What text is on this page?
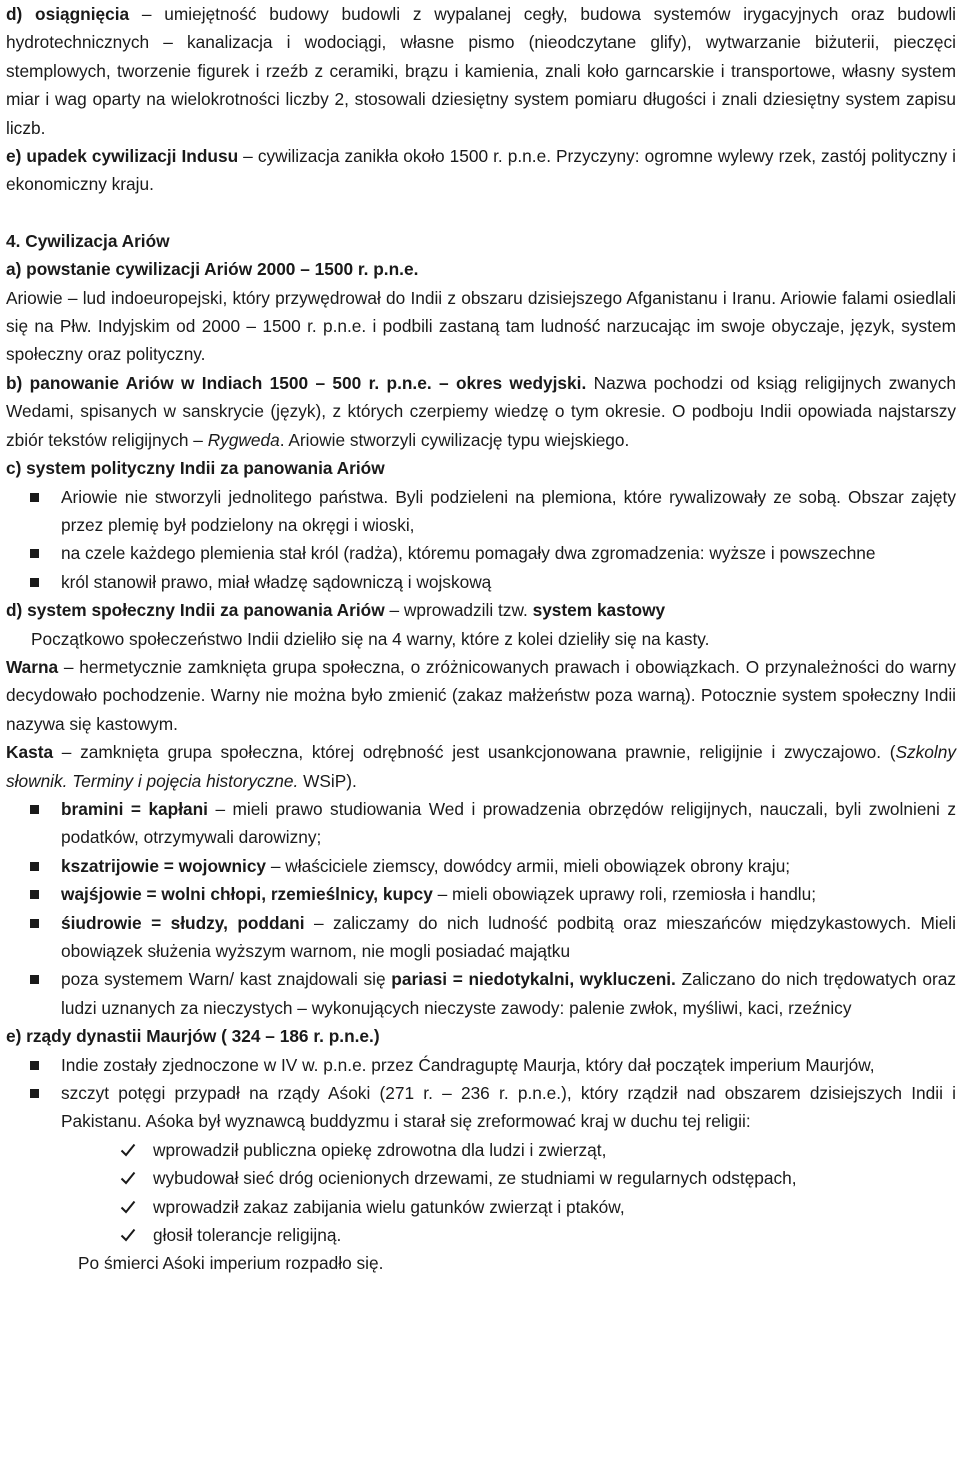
d) osiągnięcia – umiejętność budowy budowli z wypalanej cegły, budowa systemów irygacyjnych oraz budowli hydrotechnicznych – kanalizacja i wodociągi, własne pismo (nieodczytane glify), wytwarzanie biżuterii, pieczęci stemplowych, tworzenie figurek i rzeźb z ceramiki, brązu i kamienia, znali koło garncarskie i transportowe, własny system miar i wag oparty na wielokrotności liczby 2, stosowali dziesiętny system pomiaru długości i znali dziesiętny system zapisu liczb.

e) upadek cywilizacji Indusu – cywilizacja zanikła około 1500 r. p.n.e. Przyczyny: ogromne wylewy rzek, zastój polityczny i ekonomiczny kraju.

4. Cywilizacja Ariów

a) powstanie cywilizacji Ariów 2000 – 1500 r. p.n.e.

Ariowie – lud indoeuropejski, który przywędrował do Indii z obszaru dzisiejszego Afganistanu i Iranu. Ariowie falami osiedlali się na Płw. Indyjskim od 2000 – 1500 r. p.n.e. i podbili zastaną tam ludność narzucając im swoje obyczaje, język, system społeczny oraz polityczny.

b) panowanie Ariów w Indiach 1500 – 500 r. p.n.e. – okres wedyjski. Nazwa pochodzi od ksiąg religijnych zwanych Wedami, spisanych w sanskrycie (język), z których czerpiemy wiedzę o tym okresie. O podboju Indii opowiada najstarszy zbiór tekstów religijnych – Rygweda. Ariowie stworzyli cywilizację typu wiejskiego.

c) system polityczny Indii za panowania Ariów

Ariowie nie stworzyli jednolitego państwa. Byli podzieleni na plemiona, które rywalizowały ze sobą. Obszar zajęty przez plemię był podzielony na okręgi i wioski,
na czele każdego plemienia stał król (radża), któremu pomagały dwa zgromadzenia: wyższe i powszechne
król stanowił prawo, miał władzę sądowniczą i wojskową

d) system społeczny Indii za panowania Ariów – wprowadzili tzw. system kastowy

Początkowo społeczeństwo Indii dzieliło się na 4 warny, które z kolei dzieliły się na kasty.

Warna – hermetycznie zamknięta grupa społeczna, o zróżnicowanych prawach i obowiązkach. O przynależności do warny decydowało pochodzenie. Warny nie można było zmienić (zakaz małżeństw poza warną). Potocznie system społeczny Indii nazywa się kastowym.

Kasta – zamknięta grupa społeczna, której odrębność jest usankcjonowana prawnie, religijnie i zwyczajowo. (Szkolny słownik. Terminy i pojęcia historyczne. WSiP).

bramini = kapłani – mieli prawo studiowania Wed i prowadzenia obrzędów religijnych, nauczali, byli zwolnieni z podatków, otrzymywali darowizny;
kszatrijowie = wojownicy – właściciele ziemscy, dowódcy armii, mieli obowiązek obrony kraju;
wajśjowie = wolni chłopi, rzemieślnicy, kupcy – mieli obowiązek uprawy roli, rzemiosła i handlu;
śiudrowie = słudzy, poddani – zaliczamy do nich ludność podbitą oraz mieszańców międzykastowych. Mieli obowiązek służenia wyższym warnom, nie mogli posiadać majątku
poza systemem Warn/ kast znajdowali się pariasi = niedotykalni, wykluczeni. Zaliczano do nich trędowatych oraz ludzi uznanych za nieczystych – wykonujących nieczyste zawody: palenie zwłok, myśliwi, kaci, rzeźnicy

e) rządy dynastii Maurjów ( 324 – 186 r. p.n.e.)

Indie zostały zjednoczone w IV w. p.n.e. przez Ćandraguptę Maurja, który dał początek imperium Maurjów,
szczyt potęgi przypadł na rządy Aśoki (271 r. – 236 r. p.n.e.), który rządził nad obszarem dzisiejszych Indii i Pakistanu. Aśoka był wyznawcą buddyzmu i starał się zreformować kraj w duchu tej religii:
wprowadził publiczna opiekę zdrowotna dla ludzi i zwierząt,
wybudował sieć dróg ocienionych drzewami, ze studniami w regularnych odstępach,
wprowadził zakaz zabijania wielu gatunków zwierząt i ptaków,
głosił tolerancje religijną.

Po śmierci Aśoki imperium rozpadło się.
